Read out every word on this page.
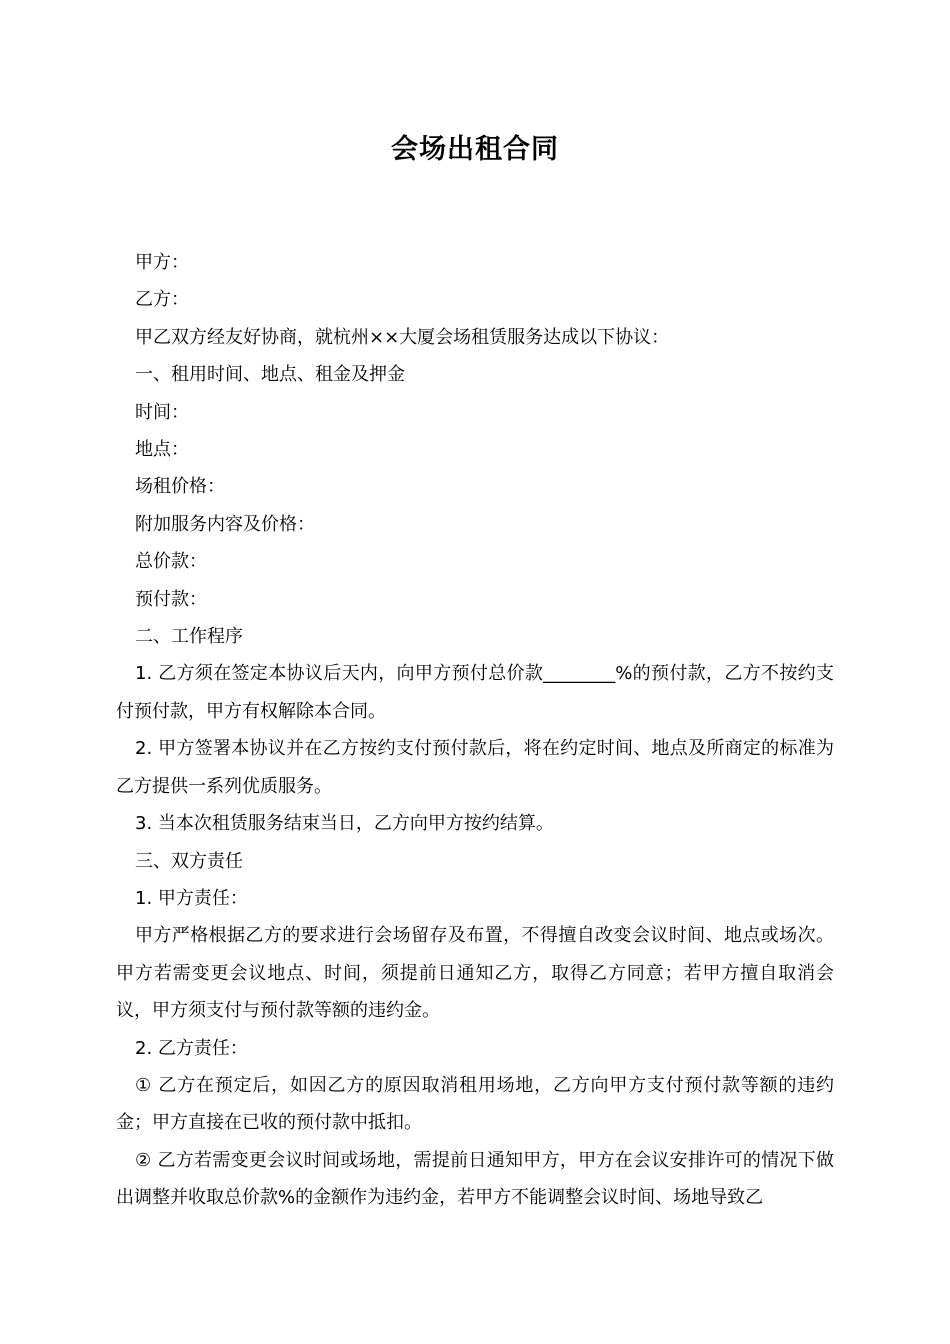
会场出租合同

甲方：

乙方：

甲乙双方经友好协商，就杭州××大厦会场租赁服务达成以下协议：

一、租用时间、地点、租金及押金

时间：

地点：

场租价格：

附加服务内容及价格：

总价款：

预付款：

二、工作程序

1. 乙方须在签定本协议后天内，向甲方预付总价款________%的预付款，乙方不按约支付预付款，甲方有权解除本合同。

2. 甲方签署本协议并在乙方按约支付预付款后，将在约定时间、地点及所商定的标准为乙方提供一系列优质服务。

3. 当本次租赁服务结束当日，乙方向甲方按约结算。

三、双方责任

1. 甲方责任：

甲方严格根据乙方的要求进行会场留存及布置，不得擅自改变会议时间、地点或场次。甲方若需变更会议地点、时间，须提前日通知乙方，取得乙方同意；若甲方擅自取消会议，甲方须支付与预付款等额的违约金。

2. 乙方责任：

① 乙方在预定后，如因乙方的原因取消租用场地，乙方向甲方支付预付款等额的违约金；甲方直接在已收的预付款中抵扣。

② 乙方若需变更会议时间或场地，需提前日通知甲方，甲方在会议安排许可的情况下做出调整并收取总价款%的金额作为违约金，若甲方不能调整会议时间、场地导致乙
